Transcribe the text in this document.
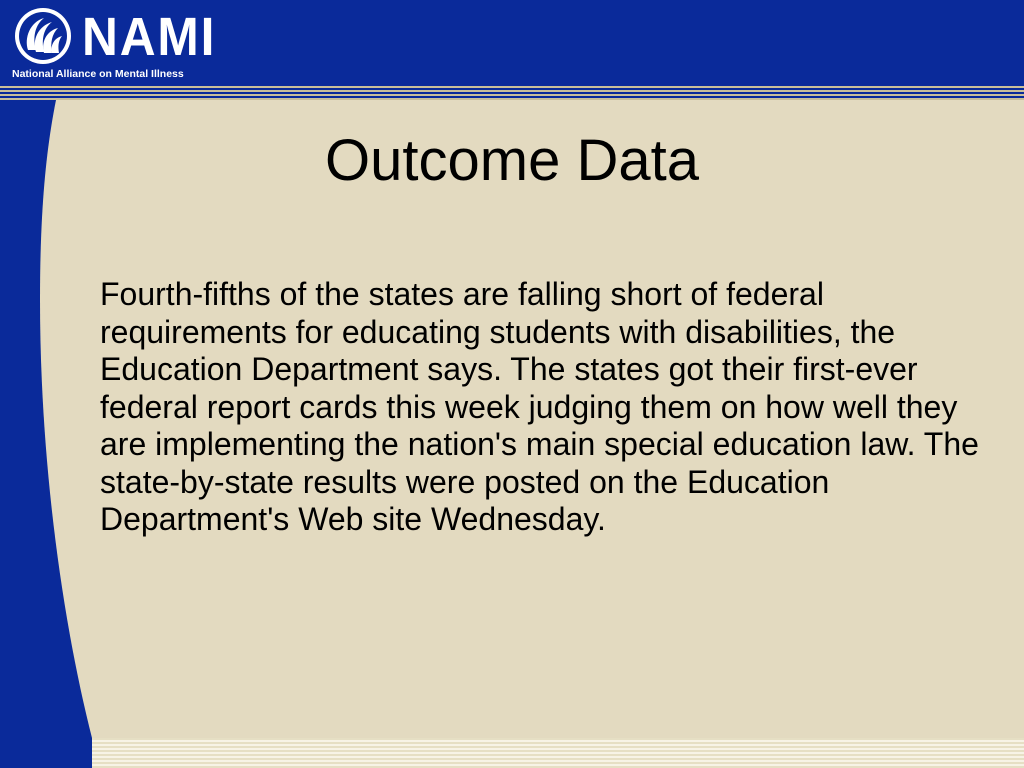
NAMI
National Alliance on Mental Illness
Outcome Data

Fourth-fifths of the states are falling short of federal requirements for educating students with disabilities, the Education Department says. The states got their first-ever federal report cards this week judging them on how well they are implementing the nation's main special education law. The state-by-state results were posted on the Education Department's Web site Wednesday.
